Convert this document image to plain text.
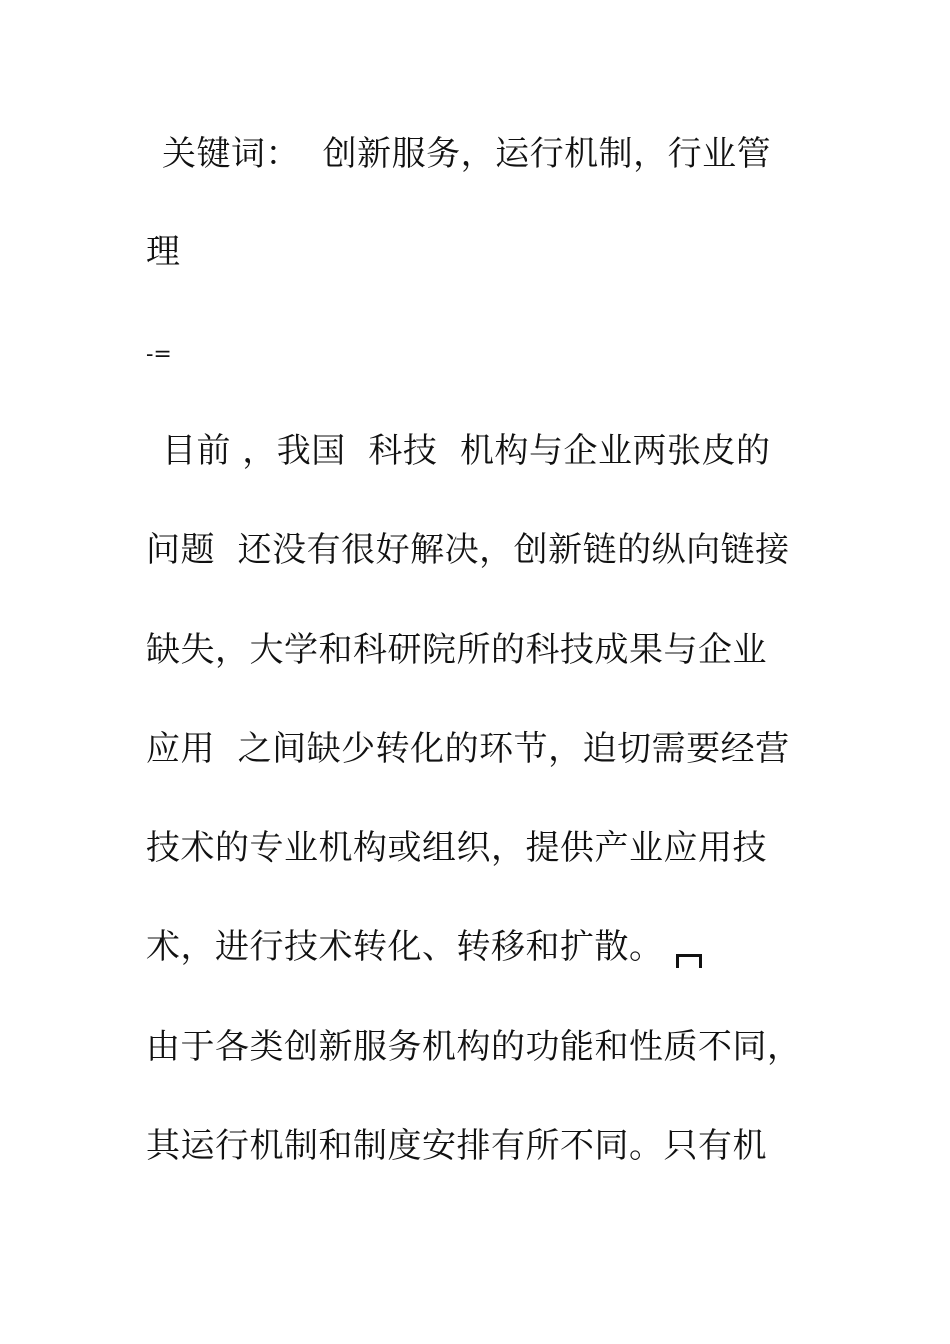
关键词：  创新服务，运行机制，行业管
理
-=
目前 ，我国  科技  机构与企业两张皮的
问题  还没有很好解决，创新链的纵向链接
缺失，大学和科研院所的科技成果与企业
应用  之间缺少转化的环节，迫切需要经营
技术的专业机构或组织，提供产业应用技
术，进行技术转化、转移和扩散。
由于各类创新服务机构的功能和性质不同，
其运行机制和制度安排有所不同。只有机
